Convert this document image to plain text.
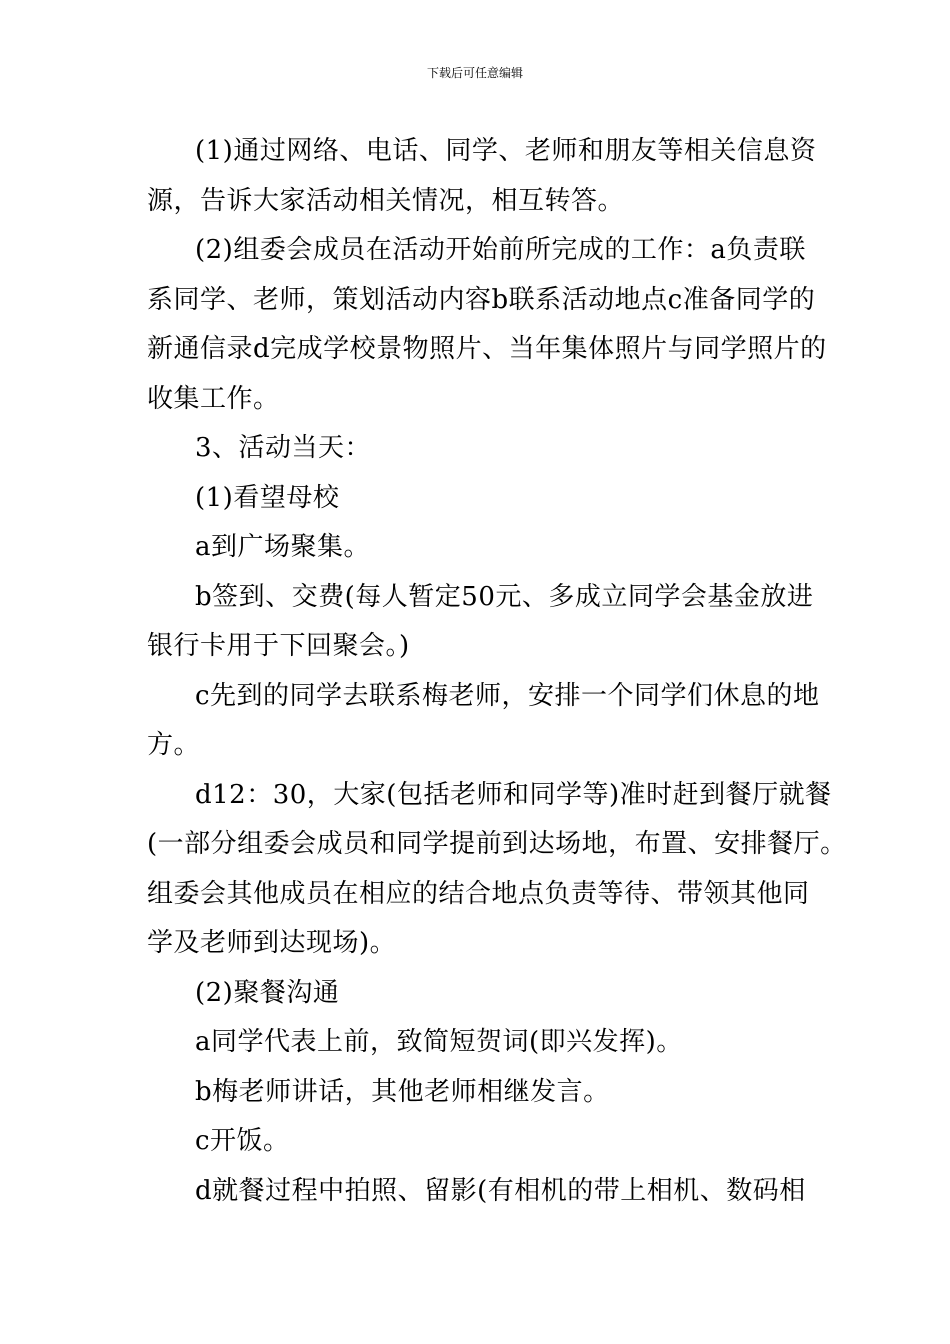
下载后可任意编辑

(1)通过网络、电话、同学、老师和朋友等相关信息资
源，告诉大家活动相关情况，相互转答。

(2)组委会成员在活动开始前所完成的工作：a负责联
系同学、老师，策划活动内容b联系活动地点c准备同学的
新通信录d完成学校景物照片、当年集体照片与同学照片的
收集工作。

3、活动当天：

(1)看望母校

a到广场聚集。

b签到、交费(每人暂定50元、多成立同学会基金放进
银行卡用于下回聚会。)

c先到的同学去联系梅老师，安排一个同学们休息的地
方。

d12：30，大家(包括老师和同学等)准时赶到餐厅就餐
(一部分组委会成员和同学提前到达场地，布置、安排餐厅。
组委会其他成员在相应的结合地点负责等待、带领其他同
学及老师到达现场)。

(2)聚餐沟通

a同学代表上前，致简短贺词(即兴发挥)。

b梅老师讲话，其他老师相继发言。

c开饭。

d就餐过程中拍照、留影(有相机的带上相机、数码相
